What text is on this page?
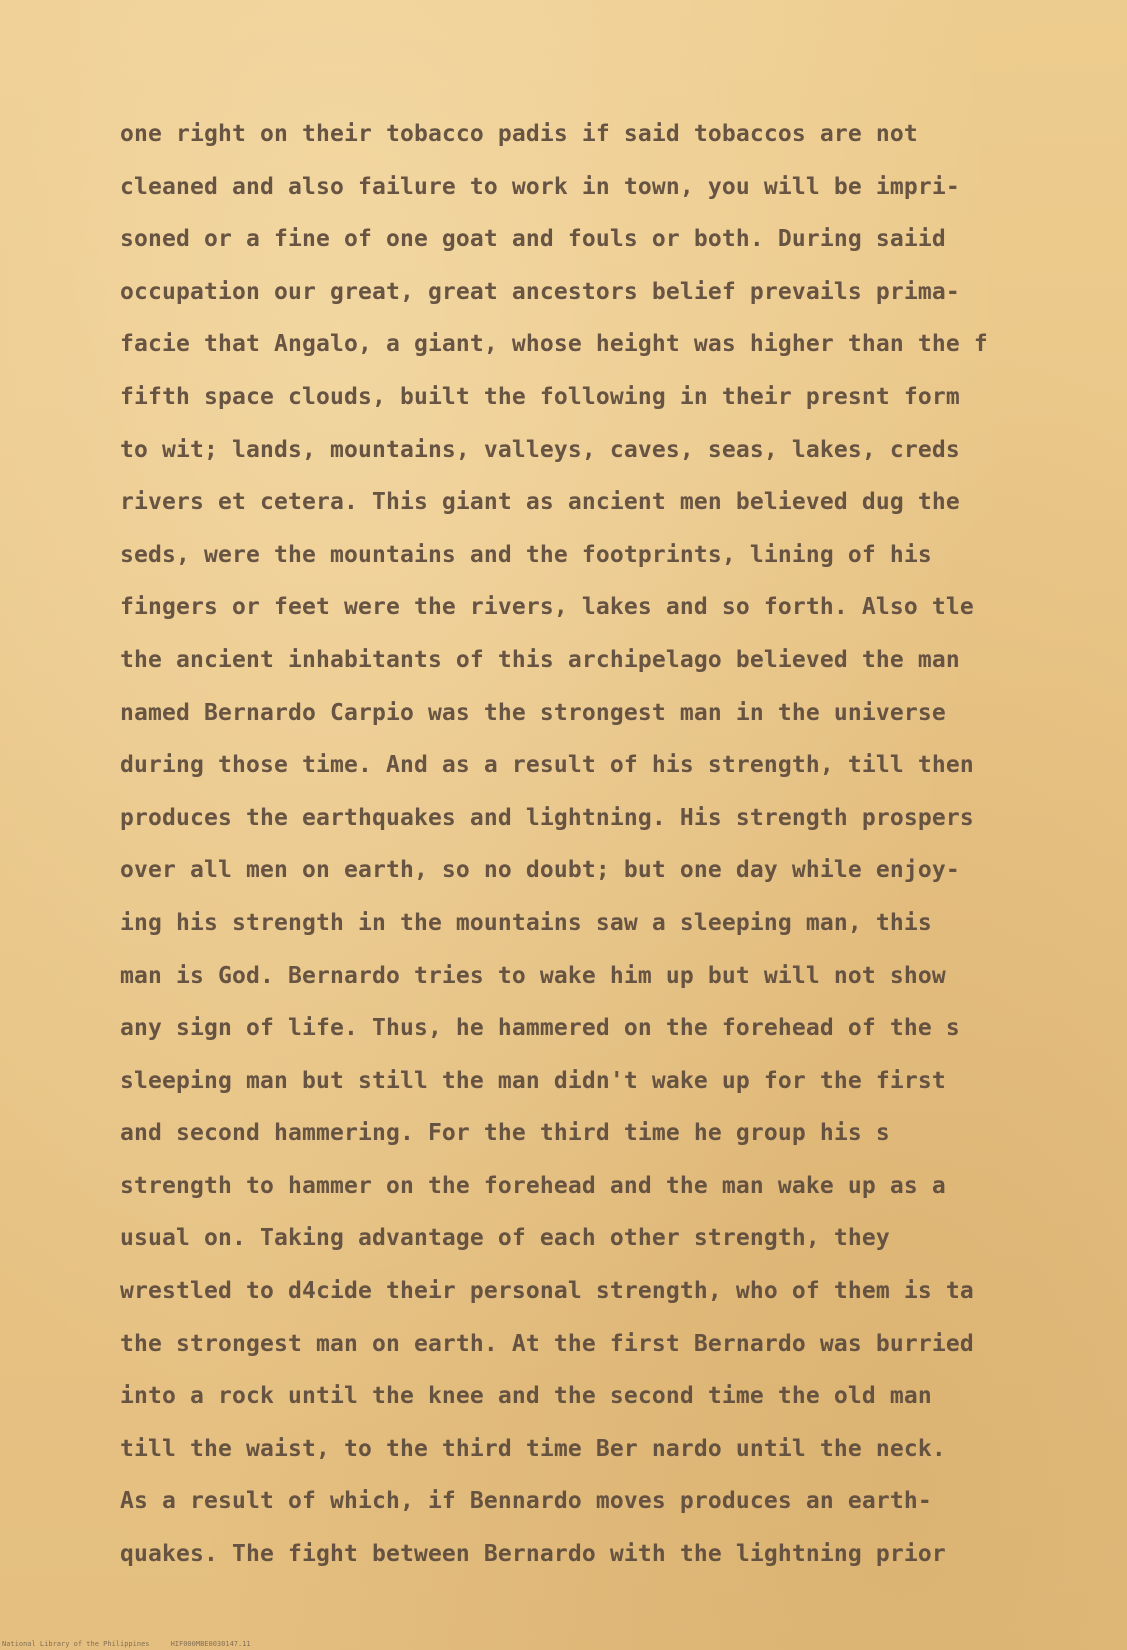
one right on their tobacco padis if said tobaccos are not
cleaned and also failure to work in town, you will be impri-
soned or a fine of one goat and fouls or both. During saiid
occupation our great, great ancestors belief prevails prima-
facie that Angalo, a giant, whose height was higher than the f
fifth space clouds, built the following in their presnt form
to wit; lands, mountains, valleys, caves, seas, lakes, creds
rivers et cetera. This giant as ancient men believed dug the
seds, were the mountains and the footprints, lining of his
fingers or feet were the rivers, lakes and so forth. Also tle
the ancient inhabitants of this archipelago believed the man
named Bernardo Carpio was the strongest man in the universe
during those time. And as a result of his strength, till then
produces the earthquakes and lightning. His strength prospers
over all men on earth, so no doubt; but one day while enjoy-
ing his strength in the mountains saw a sleeping man, this
man is God. Bernardo tries to wake him up but will not show
any sign of life. Thus, he hammered on the forehead of the s
sleeping man but still the man didn't wake up for the first
and second hammering. For the third time he group his s
strength to hammer on the forehead and the man wake up as a
usual on. Taking advantage of each other strength, they
wrestled to d4cide their personal strength, who of them is ta
the strongest man on earth. At the first Bernardo was burried
into a rock until the knee and the second time the old man
till the waist, to the third time Ber nardo until the neck.
As a result of which, if Bennardo moves produces an earth-
quakes. The fight between Bernardo with the lightning prior
National Library of the Philippines     HIF000MBE0030147.11
